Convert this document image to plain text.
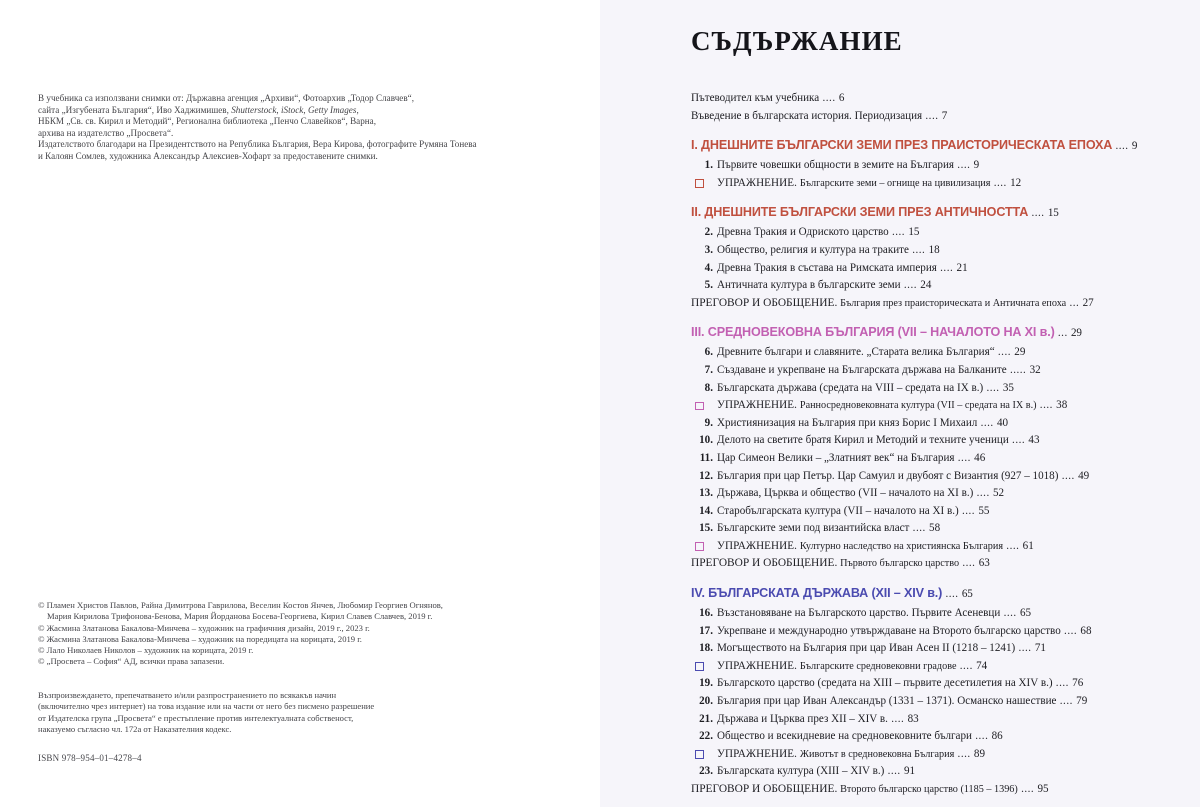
В учебника са използвани снимки от: Държавна агенция „Архиви“, Фотоархив „Тодор Славчев“,
сайта „Изгубената България“, Иво Хаджимишев, Shutterstock, iStock, Getty Images,
НБКМ „Св. св. Кирил и Методий“, Регионална библиотека „Пенчо Славейков“, Варна,
архива на издателство „Просвета“.
Издателството благодари на Президентството на Република България, Вера Кирова, фотографите Румяна Тонева
и Калоян Сомлев, художника Александър Алексиев-Хофарт за предоставените снимки.
© Пламен Христов Павлов, Райна Димитрова Гаврилова, Веселин Костов Янчев, Любомир Георгиев Огнянов,
Мария Кирилова Трифонова-Бенова, Мария Йорданова Босева-Георгиева, Кирил Славев Славчев, 2019 г.
© Жасмина Златанова Бакалова-Минчева – художник на графичния дизайн, 2019 г., 2023 г.
© Жасмина Златанова Бакалова-Минчева – художник на поредицата на корицата, 2019 г.
© Лало Николаев Николов – художник на корицата, 2019 г.
© „Просвета – София“ АД, всички права запазени.
Възпроизвеждането, препечатването и/или разпространението по всякакъв начин
(включително чрез интернет) на това издание или на части от него без писмено разрешение
от Издателска група „Просвета“ е престъпление против интелектуалната собственост,
наказуемо съгласно чл. 172а от Наказателния кодекс.
ISBN 978–954–01–4278–4
СЪДЪРЖАНИЕ
Пътеводител към учебника .... 6
Въведение в българската история. Периодизация .... 7
I. ДНЕШНИТЕ БЪЛГАРСКИ ЗЕМИ ПРЕЗ ПРАИСТОРИЧЕСКАТА ЕПОХА .... 9
1. Първите човешки общности в земите на България .... 9
УПРАЖНЕНИЕ. Българските земи – огнище на цивилизация .... 12
II. ДНЕШНИТЕ БЪЛГАРСКИ ЗЕМИ ПРЕЗ АНТИЧНОСТТА .... 15
2. Древна Тракия и Одриското царство .... 15
3. Общество, религия и култура на траките .... 18
4. Древна Тракия в състава на Римската империя .... 21
5. Античната култура в българските земи .... 24
ПРЕГОВОР И ОБОБЩЕНИЕ. България през праисторическата и Античната епоха ... 27
III. СРЕДНОВЕКОВНА БЪЛГАРИЯ (VII – НАЧАЛОТО НА XI в.) ... 29
6. Древните българи и славяните. „Старата велика България“ .... 29
7. Създаване и укрепване на Българската държава на Балканите ..... 32
8. Българската държава (средата на VIII – средата на IX в.) .... 35
УПРАЖНЕНИЕ. Ранносредновековната култура (VII – средата на IX в.) .... 38
9. Християнизация на България при княз Борис I Михаил .... 40
10. Делото на светите братя Кирил и Методий и техните ученици .... 43
11. Цар Симеон Велики – „Златният век“ на България .... 46
12. България при цар Петър. Цар Самуил и двубоят с Византия (927 – 1018) .... 49
13. Държава, Църква и общество (VII – началото на XI в.) .... 52
14. Старобългарската култура (VII – началото на XI в.) .... 55
15. Българските земи под византийска власт .... 58
УПРАЖНЕНИЕ. Културно наследство на християнска България .... 61
ПРЕГОВОР И ОБОБЩЕНИЕ. Първото българско царство .... 63
IV. БЪЛГАРСКАТА ДЪРЖАВА (XII – XIV в.) .... 65
16. Възстановяване на Българското царство. Първите Асеневци .... 65
17. Укрепване и международно утвърждаване на Второто българско царство .... 68
18. Могъществото на България при цар Иван Асен II (1218 – 1241) .... 71
УПРАЖНЕНИЕ. Българските средновековни градове .... 74
19. Българското царство (средата на XIII – първите десетилетия на XIV в.) .... 76
20. България при цар Иван Александър (1331 – 1371). Османско нашествие .... 79
21. Държава и Църква през XII – XIV в. .... 83
22. Общество и всекидневие на средновековните българи .... 86
УПРАЖНЕНИЕ. Животът в средновековна България .... 89
23. Българската култура (XIII – XIV в.) .... 91
ПРЕГОВОР И ОБОБЩЕНИЕ. Второто българско царство (1185 – 1396) .... 95
